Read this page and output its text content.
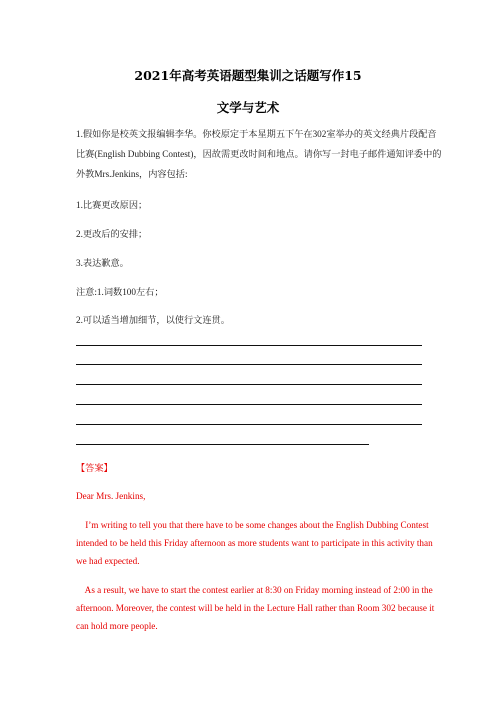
2021年高考英语题型集训之话题写作15
文学与艺术
1.假如你是校英文报编辑李华。你校原定于本星期五下午在302室举办的英文经典片段配音
比赛(English Dubbing Contest)，因故需更改时间和地点。请你写一封电子邮件通知评委中的
外教Mrs.Jenkins，内容包括:
1.比赛更改原因；
2.更改后的安排；
3.表达歉意。
注意:1.词数100左右；
2.可以适当增加细节，以使行文连贯。
【答案】
Dear Mrs. Jenkins,
I’m writing to tell you that there have to be some changes about the English Dubbing Contest
intended to be held this Friday afternoon as more students want to participate in this activity than
we had expected.
As a result, we have to start the contest earlier at 8:30 on Friday morning instead of 2:00 in the
afternoon. Moreover, the contest will be held in the Lecture Hall rather than Room 302 because it
can hold more people.
